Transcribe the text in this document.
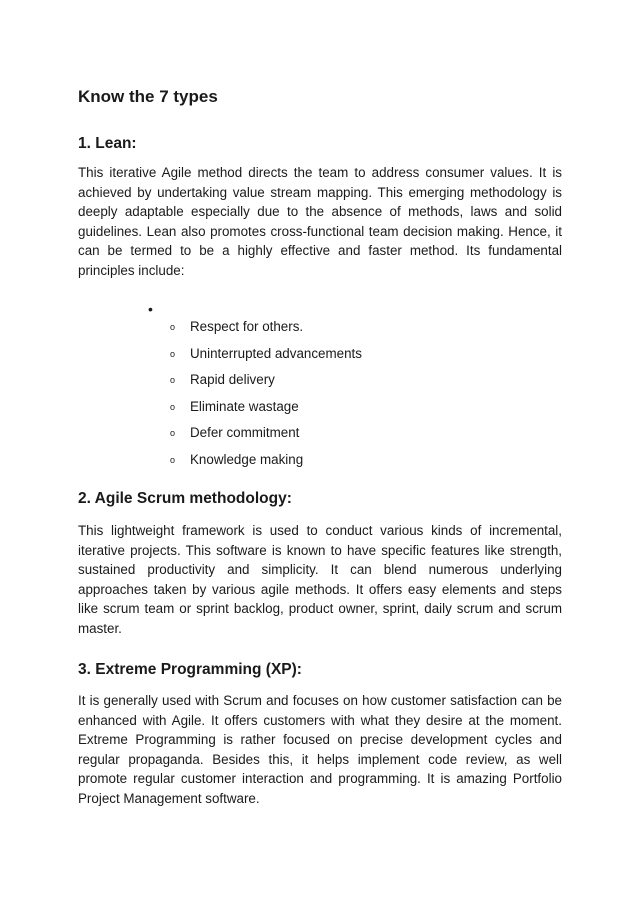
Know the 7 types
1. Lean:

This iterative Agile method directs the team to address consumer values. It is achieved by undertaking value stream mapping. This emerging methodology is deeply adaptable especially due to the absence of methods, laws and solid guidelines. Lean also promotes cross-functional team decision making. Hence, it can be termed to be a highly effective and faster method. Its fundamental principles include:

•
o Respect for others.
o Uninterrupted advancements
o Rapid delivery
o Eliminate wastage
o Defer commitment
o Knowledge making
2. Agile Scrum methodology:

This lightweight framework is used to conduct various kinds of incremental, iterative projects. This software is known to have specific features like strength, sustained productivity and simplicity. It can blend numerous underlying approaches taken by various agile methods. It offers easy elements and steps like scrum team or sprint backlog, product owner, sprint, daily scrum and scrum master.

3. Extreme Programming (XP):

It is generally used with Scrum and focuses on how customer satisfaction can be enhanced with Agile. It offers customers with what they desire at the moment. Extreme Programming is rather focused on precise development cycles and regular propaganda. Besides this, it helps implement code review, as well promote regular customer interaction and programming. It is amazing Portfolio Project Management software.
